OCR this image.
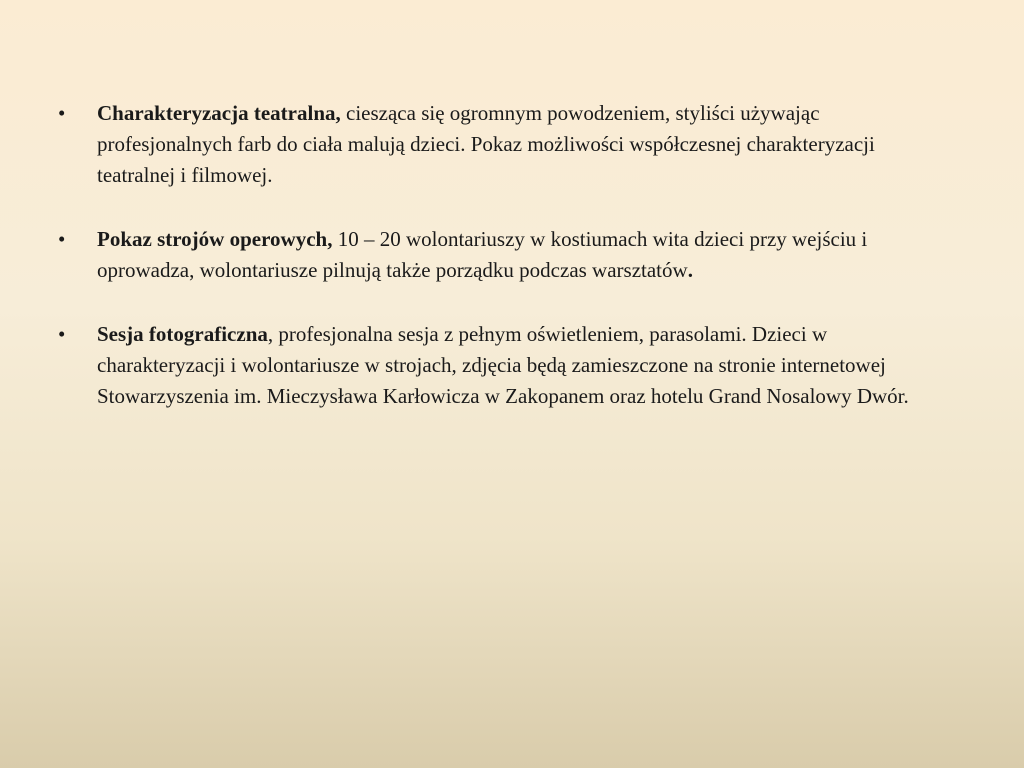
•	Charakteryzacja teatralna, ciesząca się ogromnym powodzeniem, styliści używając profesjonalnych farb do ciała malują dzieci. Pokaz możliwości współczesnej charakteryzacji teatralnej i filmowej.
•	Pokaz strojów operowych, 10 – 20 wolontariuszy w kostiumach wita dzieci przy wejściu i oprowadza, wolontariusze pilnują także porządku podczas warsztatów.
•	Sesja fotograficzna, profesjonalna sesja z pełnym oświetleniem, parasolami. Dzieci w charakteryzacji i wolontariusze w strojach, zdjęcia będą zamieszczone na stronie internetowej Stowarzyszenia im. Mieczysława Karłowicza w Zakopanem oraz hotelu Grand Nosalowy Dwór.
